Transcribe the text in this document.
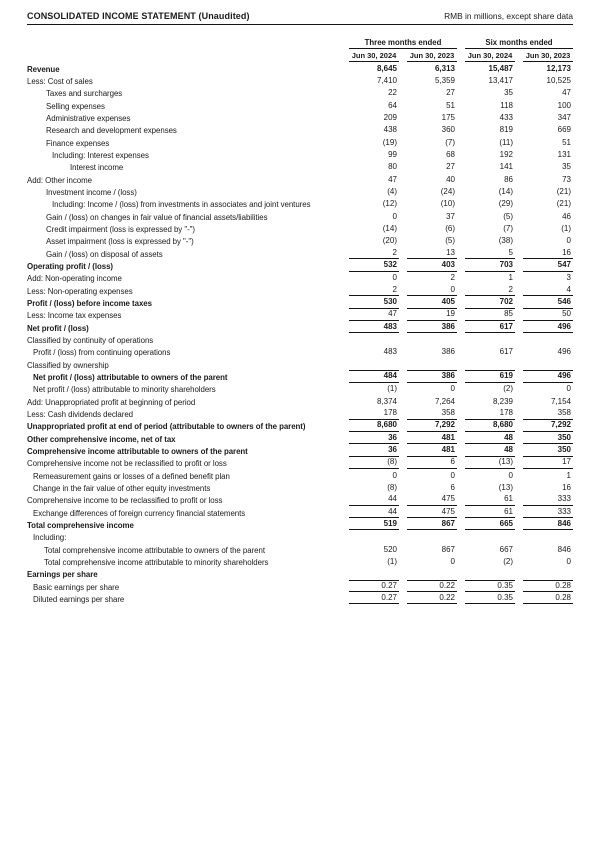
CONSOLIDATED INCOME STATEMENT (Unaudited)	RMB in millions, except share data
Three months ended	Six months ended
Jun 30, 2024	Jun 30, 2023	Jun 30, 2024	Jun 30, 2023
Revenue	8,645	6,313	15,487	12,173
Less: Cost of sales	7,410	5,359	13,417	10,525
Taxes and surcharges	22	27	35	47
Selling expenses	64	51	118	100
Administrative expenses	209	175	433	347
Research and development expenses	438	360	819	669
Finance expenses	(19)	(7)	(11)	51
Including: Interest expenses	99	68	192	131
Interest income	80	27	141	35
Add: Other income	47	40	86	73
Investment income / (loss)	(4)	(24)	(14)	(21)
Including: Income / (loss) from investments in associates and joint ventures	(12)	(10)	(29)	(21)
Gain / (loss) on changes in fair value of financial assets/liabilities	0	37	(5)	46
Credit impairment (loss is expressed by "-")	(14)	(6)	(7)	(1)
Asset impairment (loss is expressed by "-")	(20)	(5)	(38)	0
Gain / (loss) on disposal of assets	2	13	5	16
Operating profit / (loss)	532	403	703	547
Add: Non-operating income	0	2	1	3
Less: Non-operating expenses	2	0	2	4
Profit / (loss) before income taxes	530	405	702	546
Less: Income tax expenses	47	19	85	50
Net profit / (loss)	483	386	617	496
Classified by continuity of operations
Profit / (loss) from continuing operations	483	386	617	496
Classified by ownership
Net profit / (loss) attributable to owners of the parent	484	386	619	496
Net profit / (loss) attributable to minority shareholders	(1)	0	(2)	0
Add: Unappropriated profit at beginning of period	8,374	7,264	8,239	7,154
Less: Cash dividends declared	178	358	178	358
Unappropriated profit at end of period (attributable to owners of the parent)	8,680	7,292	8,680	7,292
Other comprehensive income, net of tax	36	481	48	350
Comprehensive income attributable to owners of the parent	36	481	48	350
Comprehensive income not be reclassified to profit or loss	(8)	6	(13)	17
Remeasurement gains or losses of a defined benefit plan	0	0	0	1
Change in the fair value of other equity investments	(8)	6	(13)	16
Comprehensive income to be reclassified to profit or loss	44	475	61	333
Exchange differences of foreign currency financial statements	44	475	61	333
Total comprehensive income	519	867	665	846
Including:
Total comprehensive income attributable to owners of the parent	520	867	667	846
Total comprehensive income attributable to minority shareholders	(1)	0	(2)	0
Earnings per share
Basic earnings per share	0.27	0.22	0.35	0.28
Diluted earnings per share	0.27	0.22	0.35	0.28
